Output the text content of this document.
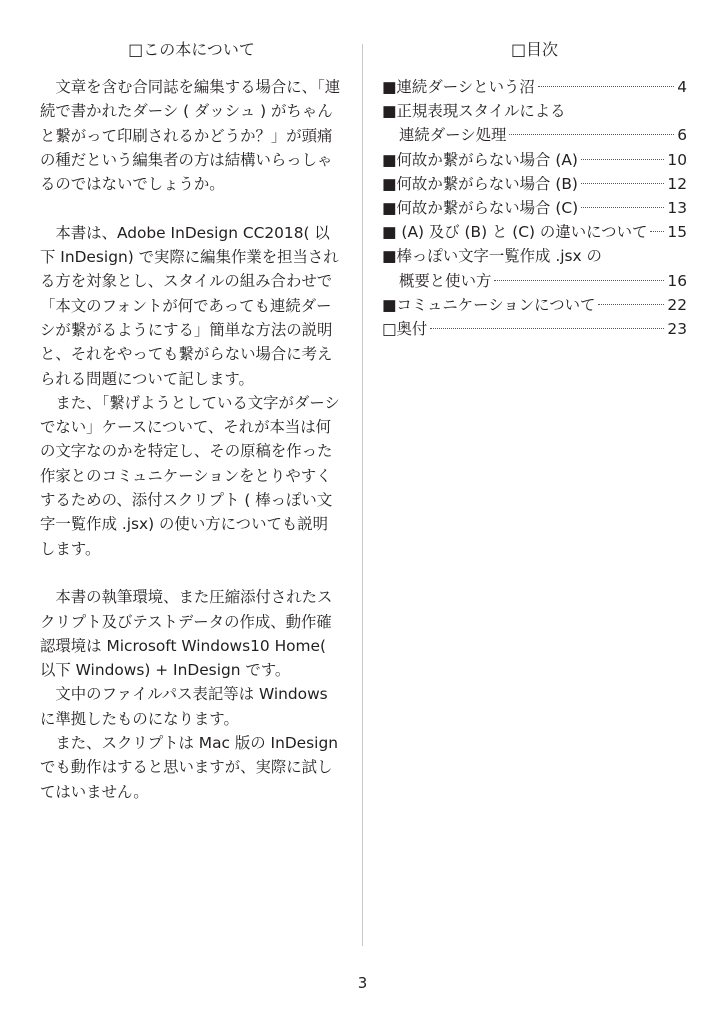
□この本について

文章を含む合同誌を編集する場合に、「連続で書かれたダーシ ( ダッシュ ) がちゃんと繋がって印刷されるかどうか？」が頭痛の種だという編集者の方は結構いらっしゃるのではないでしょうか。

本書は、Adobe InDesign CC2018( 以下 InDesign) で実際に編集作業を担当される方を対象とし、スタイルの組み合わせで「本文のフォントが何であっても連続ダーシが繋がるようにする」簡単な方法の説明と、それをやっても繋がらない場合に考えられる問題について記します。

また、「繋げようとしている文字がダーシでない」ケースについて、それが本当は何の文字なのかを特定し、その原稿を作った作家とのコミュニケーションをとりやすくするための、添付スクリプト ( 棒っぽい文字一覧作成 .jsx) の使い方についても説明します。

本書の執筆環境、また圧縮添付されたスクリプト及びテストデータの作成、動作確認環境は Microsoft Windows10 Home( 以下 Windows) + InDesign です。

文中のファイルパス表記等は Windows に準拠したものになります。

また、スクリプトは Mac 版の InDesign でも動作はすると思いますが、実際に試してはいません。

□目次
■連続ダーシという沼	4
■正規表現スタイルによる
連続ダーシ処理	6
■何故か繋がらない場合 (A)	10
■何故か繋がらない場合 (B)	12
■何故か繋がらない場合 (C)	13
■ (A) 及び (B) と (C) の違いについて 15
■棒っぽい文字一覧作成 .jsx の
概要と使い方	16
■コミュニケーションについて	22
□奥付	23
3
